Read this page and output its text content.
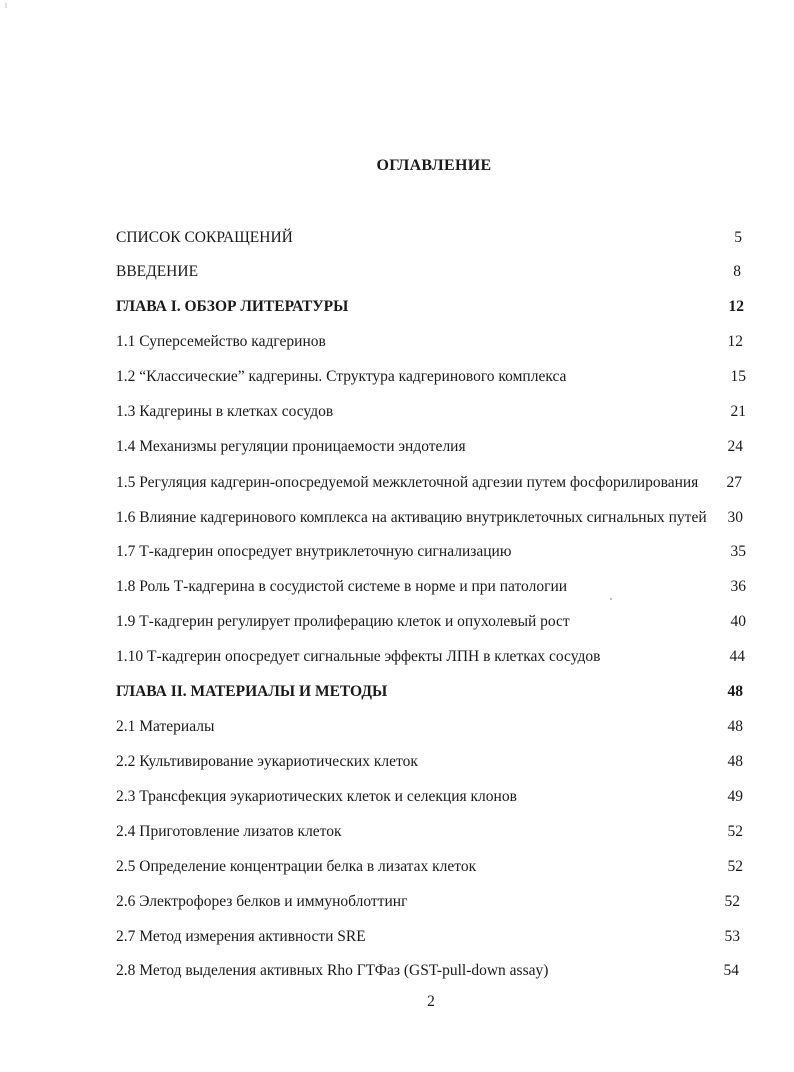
⁞
ОГЛАВЛЕНИЕ
СПИСОК СОКРАЩЕНИЙ	5
ВВЕДЕНИЕ	8
ГЛАВА I. ОБЗОР ЛИТЕРАТУРЫ	12
1.1 Суперсемейство кадгеринов	12
1.2 “Классические” кадгерины. Структура кадгеринового комплекса	15
1.3 Кадгерины в клетках сосудов	21
1.4 Механизмы регуляции проницаемости эндотелия	24
1.5 Регуляция кадгерин-опосредуемой межклеточной адгезии путем фосфорилирования	27
1.6 Влияние кадгеринового комплекса на активацию внутриклеточных сигнальных путей	30
1.7 Т-кадгерин опосредует внутриклеточную сигнализацию	35
1.8 Роль Т-кадгерина в сосудистой системе в норме и при патологии	36
1.9 Т-кадгерин регулирует пролиферацию клеток и опухолевый рост	40
1.10 Т-кадгерин опосредует сигнальные эффекты ЛПН в клетках сосудов	44
ГЛАВА II. МАТЕРИАЛЫ И МЕТОДЫ	48
2.1 Материалы	48
2.2 Культивирование эукариотических клеток	48
2.3 Трансфекция эукариотических клеток и селекция клонов	49
2.4 Приготовление лизатов клеток	52
2.5 Определение концентрации белка в лизатах клеток	52
2.6 Электрофорез белков и иммуноблоттинг	52
2.7 Метод измерения активности SRE	53
2.8 Метод выделения активных Rho ГТФаз (GST-pull-down assay)	54
2
